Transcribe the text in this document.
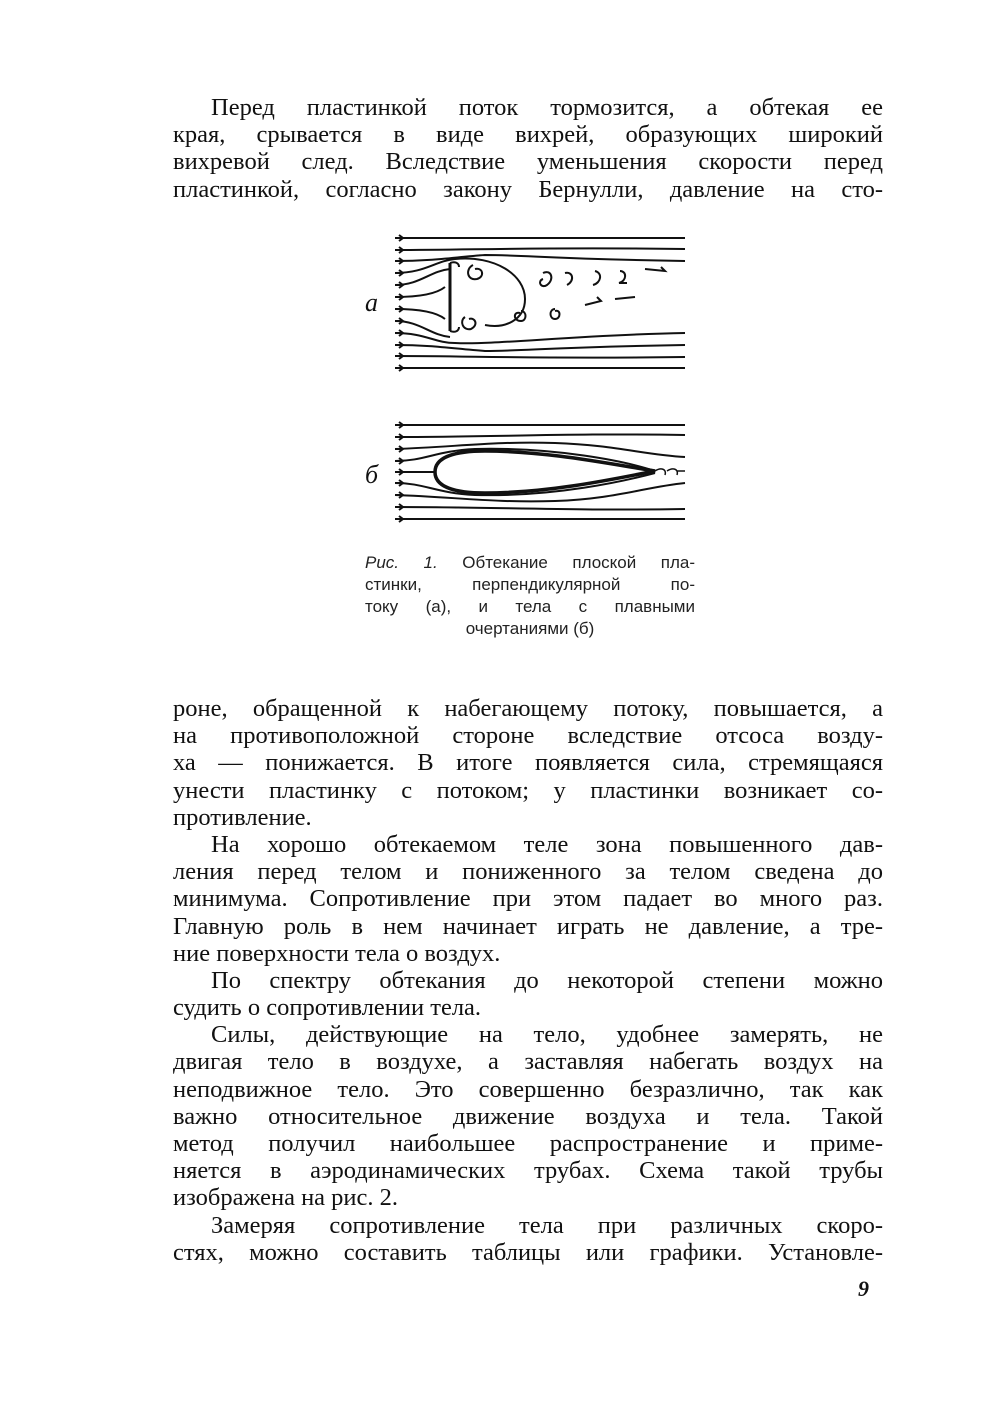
Перед пластинкой поток тормозится, а обтекая ее
края, срывается в виде вихрей, образующих широкий
вихревой след. Вследствие уменьшения скорости перед
пластинкой, согласно закону Бернулли, давление на сто-
а
б
Рис. 1. Обтекание плоской пла-
стинки, перпендикулярной по-
току (а), и тела с плавными
очертаниями (б)
роне, обращенной к набегающему потоку, повышается, а
на противоположной стороне вследствие отсоса возду-
ха — понижается. В итоге появляется сила, стремящаяся
унести пластинку с потоком; у пластинки возникает со-
противление.
На хорошо обтекаемом теле зона повышенного дав-
ления перед телом и пониженного за телом сведена до
минимума. Сопротивление при этом падает во много раз.
Главную роль в нем начинает играть не давление, а тре-
ние поверхности тела о воздух.
По спектру обтекания до некоторой степени можно
судить о сопротивлении тела.
Силы, действующие на тело, удобнее замерять, не
двигая тело в воздухе, а заставляя набегать воздух на
неподвижное тело. Это совершенно безразлично, так как
важно относительное движение воздуха и тела. Такой
метод получил наибольшее распространение и приме-
няется в аэродинамических трубах. Схема такой трубы
изображена на рис. 2.
Замеряя сопротивление тела при различных скоро-
стях, можно составить таблицы или графики. Установле-
9
